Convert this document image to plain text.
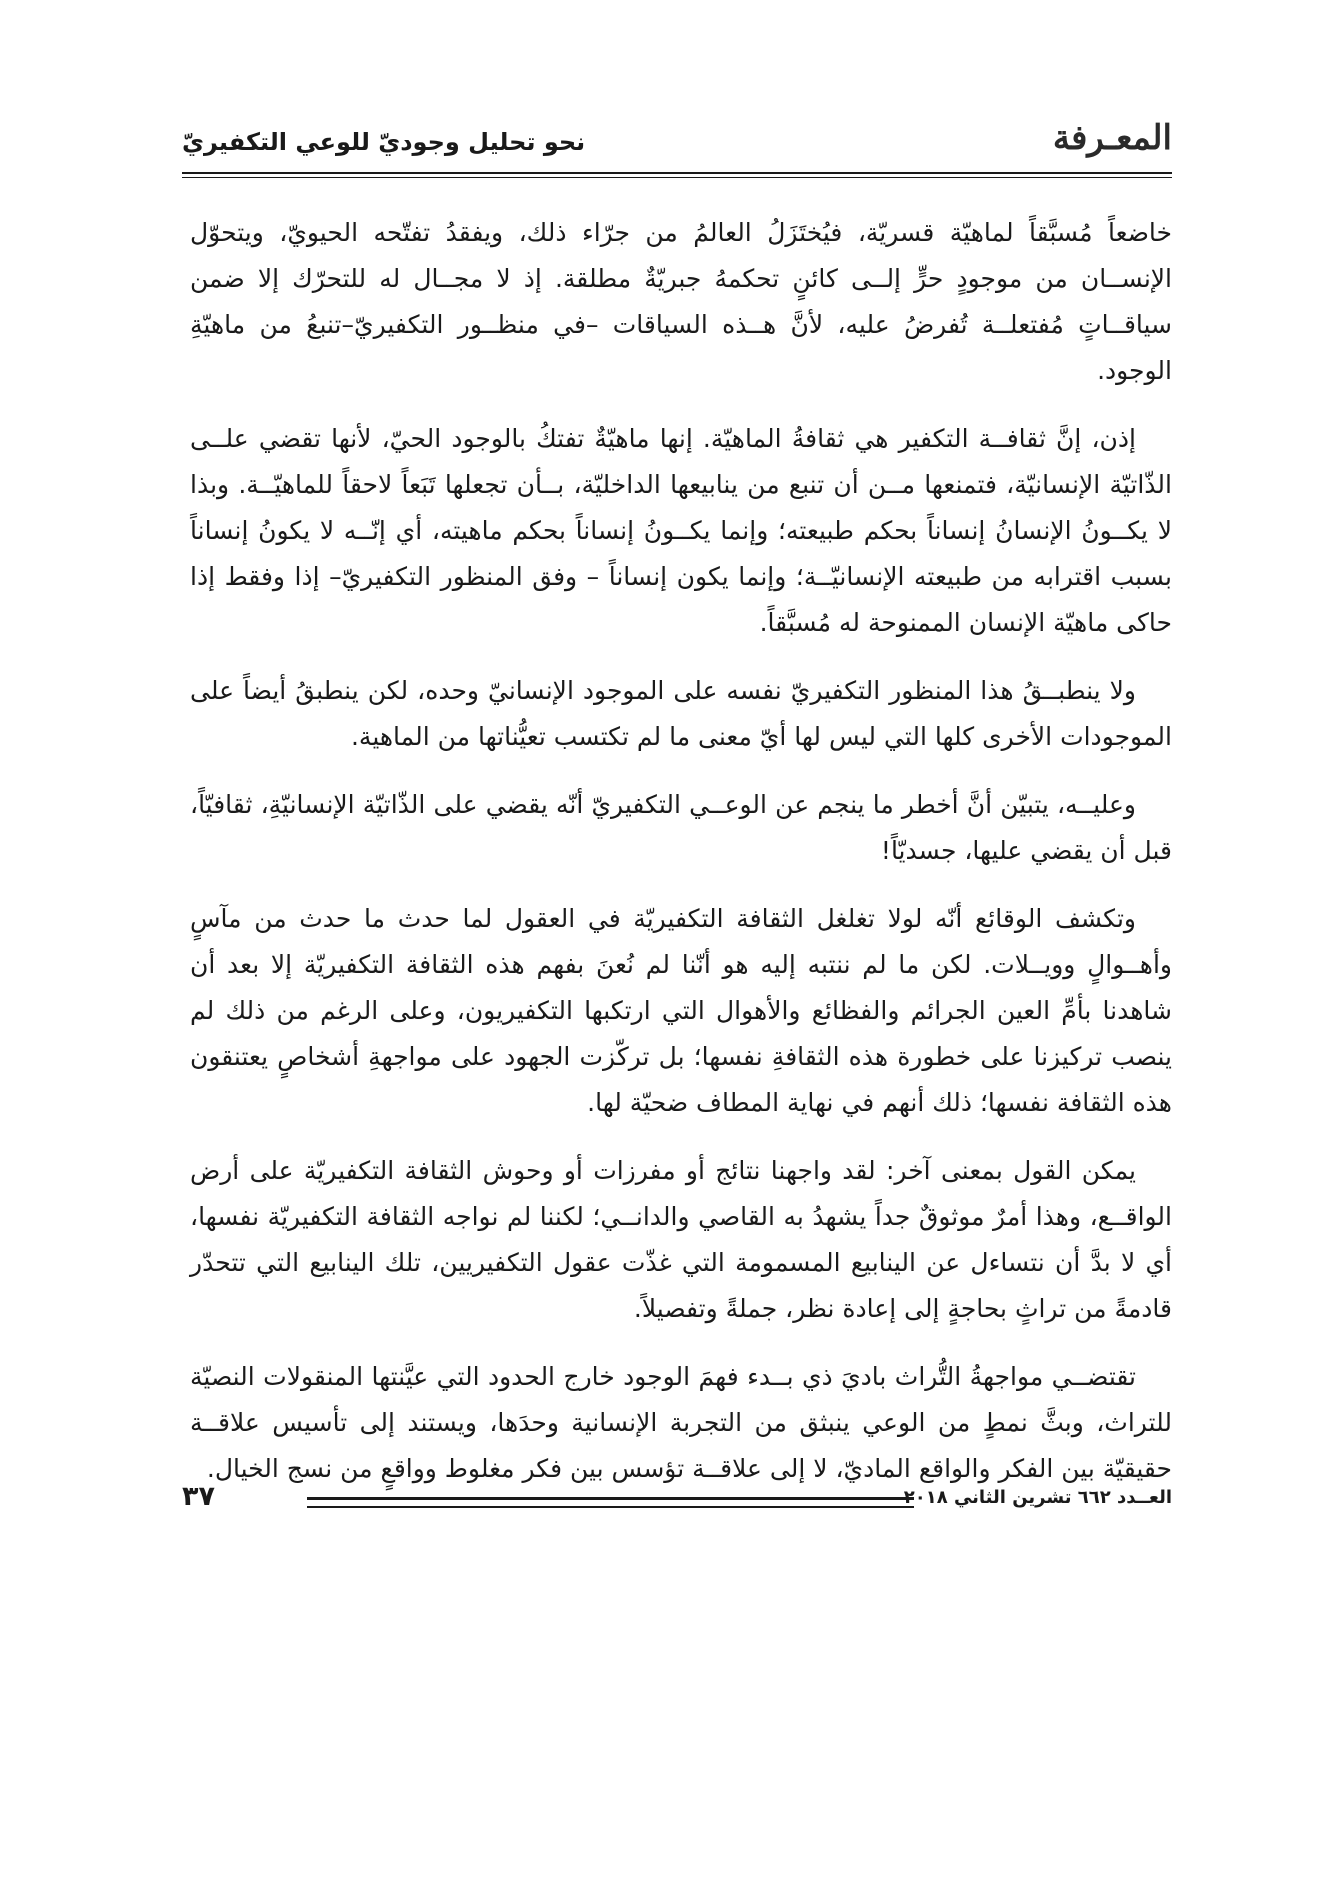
المعـرفة
نحو تحليل وجوديّ للوعي التكفيريّ

خاضعاً مُسبَّقاً لماهيّة قسريّة، فيُختَزَلُ العالمُ من جرّاء ذلك، ويفقدُ تفتّحه الحيويّ، ويتحوّل الإنســان من موجودٍ حرٍّ إلــى كائنٍ تحكمهُ جبريّةٌ مطلقة. إذ لا مجــال له للتحرّك إلا ضمن سياقــاتٍ مُفتعلــة تُفرضُ عليه، لأنَّ هــذه السياقات –في منظــور التكفيريّ–تنبعُ من ماهيّةِ الوجود.

إذن، إنَّ ثقافــة التكفير هي ثقافةُ الماهيّة. إنها ماهيّةٌ تفتكُ بالوجود الحيّ، لأنها تقضي علــى الذّاتيّة الإنسانيّة، فتمنعها مــن أن تنبع من ينابيعها الداخليّة، بــأن تجعلها تَبَعاً لاحقاً للماهيّــة. وبذا لا يكــونُ الإنسانُ إنساناً بحكم طبيعته؛ وإنما يكــونُ إنساناً بحكم ماهيته، أي إنّــه لا يكونُ إنساناً بسبب اقترابه من طبيعته الإنسانيّــة؛ وإنما يكون إنساناً – وفق المنظور التكفيريّ– إذا وفقط إذا حاكى ماهيّة الإنسان الممنوحة له مُسبَّقاً.

ولا ينطبــقُ هذا المنظور التكفيريّ نفسه على الموجود الإنسانيّ وحده، لكن ينطبقُ أيضاً على الموجودات الأخرى كلها التي ليس لها أيّ معنى ما لم تكتسب تعيُّناتها من الماهية.

وعليــه، يتبيّن أنَّ أخطر ما ينجم عن الوعــي التكفيريّ أنّه يقضي على الذّاتيّة الإنسانيّةِ، ثقافيّاً، قبل أن يقضي عليها، جسديّاً!

وتكشف الوقائع أنّه لولا تغلغل الثقافة التكفيريّة في العقول لما حدث ما حدث من مآسٍ وأهــوالٍ وويــلات. لكن ما لم ننتبه إليه هو أنّنا لم نُعنَ بفهم هذه الثقافة التكفيريّة إلا بعد أن شاهدنا بأمِّ العين الجرائم والفظائع والأهوال التي ارتكبها التكفيريون، وعلى الرغم من ذلك لم ينصب تركيزنا على خطورة هذه الثقافةِ نفسها؛ بل تركّزت الجهود على مواجهةِ أشخاصٍ يعتنقون هذه الثقافة نفسها؛ ذلك أنهم في نهاية المطاف ضحيّة لها.

يمكن القول بمعنى آخر: لقد واجهنا نتائج أو مفرزات أو وحوش الثقافة التكفيريّة على أرض الواقــع، وهذا أمرٌ موثوقٌ جداً يشهدُ به القاصي والدانــي؛ لكننا لم نواجه الثقافة التكفيريّة نفسها، أي لا بدَّ أن نتساءل عن الينابيع المسمومة التي غذّت عقول التكفيريين، تلك الينابيع التي تتحدّر قادمةً من تراثٍ بحاجةٍ إلى إعادة نظر، جملةً وتفصيلاً.

تقتضــي مواجهةُ التُّراث باديَ ذي بــدء فهمَ الوجود خارج الحدود التي عيَّنتها المنقولات النصيّة للتراث، وبثَّ نمطٍ من الوعي ينبثق من التجربة الإنسانية وحدَها، ويستند إلى تأسيس علاقــة حقيقيّة بين الفكر والواقع الماديّ، لا إلى علاقــة تؤسس بين فكر مغلوط وواقعٍ من نسج الخيال.

العــدد ٦٦٢ تشرين الثاني ٢٠١٨
٣٧
